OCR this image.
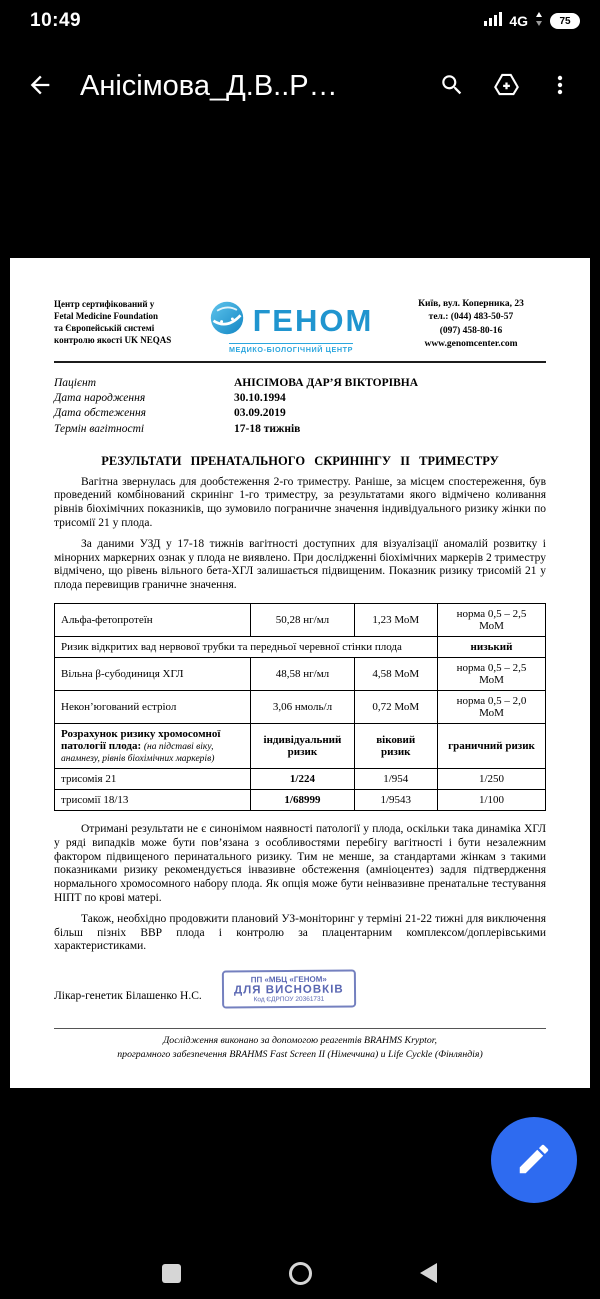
10:49	4G	75
Анісімова_Д.В..Р…
Центр сертифікований у
Fetal Medicine Foundation
та Європейській системі
контролю якості UK NEQAS
ГЕНОМ
МЕДИКО-БІОЛОГІЧНИЙ ЦЕНТР
Київ, вул. Коперника, 23
тел.: (044) 483-50-57
(097) 458-80-16
www.genomcenter.com
Пацієнт	АНІСІМОВА ДАР’Я ВІКТОРІВНА
Дата народження	30.10.1994
Дата обстеження	03.09.2019
Термін вагітності	17-18 тижнів
РЕЗУЛЬТАТИ ПРЕНАТАЛЬНОГО СКРИНІНГУ II ТРИМЕСТРУ

Вагітна звернулась для дообстеження 2-го триместру. Раніше, за місцем спостереження, був проведений комбінований скринінг 1-го триместру, за результатами якого відмічено коливання рівнів біохімічних показників, що зумовило пограничне значення індивідуального ризику жінки по трисомії 21 у плода.

За даними УЗД у 17-18 тижнів вагітності доступних для візуалізації аномалій розвитку і мінорних маркерних ознак у плода не виявлено. При дослідженні біохімічних маркерів 2 триместру відмічено, що рівень вільного бета-ХГЛ залишається підвищеним. Показник ризику трисомій 21 у плода перевищив граничне значення.

Альфа-фетопротеїн	50,28 нг/мл	1,23 МоМ	норма 0,5 – 2,5 МоМ
Ризик відкритих вад нервової трубки та передньої черевної стінки плода			низький
Вільна β-субодиниця ХГЛ	48,58 нг/мл	4,58 МоМ	норма 0,5 – 2,5 МоМ
Некон’югований естріол	3,06 нмоль/л	0,72 МоМ	норма 0,5 – 2,0 МоМ
Розрахунок ризику хромосомної патології плода: (на підставі віку, анамнезу, рівнів біохімічних маркерів)	індивідуальний ризик	віковий ризик	граничний ризик
трисомія 21	1/224	1/954	1/250
трисомії 18/13	1/68999	1/9543	1/100

Отримані результати не є синонімом наявності патології у плода, оскільки така динаміка ХГЛ у ряді випадків може бути пов’язана з особливостями перебігу вагітності і бути незалежним фактором підвищеного перинатального ризику. Тим не менше, за стандартами жінкам з такими показниками ризику рекомендується інвазивне обстеження (амніоцентез) задля підтвердження нормального хромосомного набору плода. Як опція може бути неінвазивне пренатальне тестування НІПТ по крові матері.

Також, необхідно продовжити плановий УЗ-моніторинг у терміні 21-22 тижні для виключення більш пізніх ВВР плода і контролю за плацентарним комплексом/доплерівськими характеристиками.

Лікар-генетик Білашенко Н.С.
ПП «МБЦ «ГЕНОМ»
ДЛЯ ВИСНОВКІВ
Код ЄДРПОУ 20361731
Дослідження виконано за допомогою реагентів BRAHMS Kryptor,
програмного забезпечення BRAHMS Fast Screen II (Німеччина) и Life Cyckle (Фінляндія)
